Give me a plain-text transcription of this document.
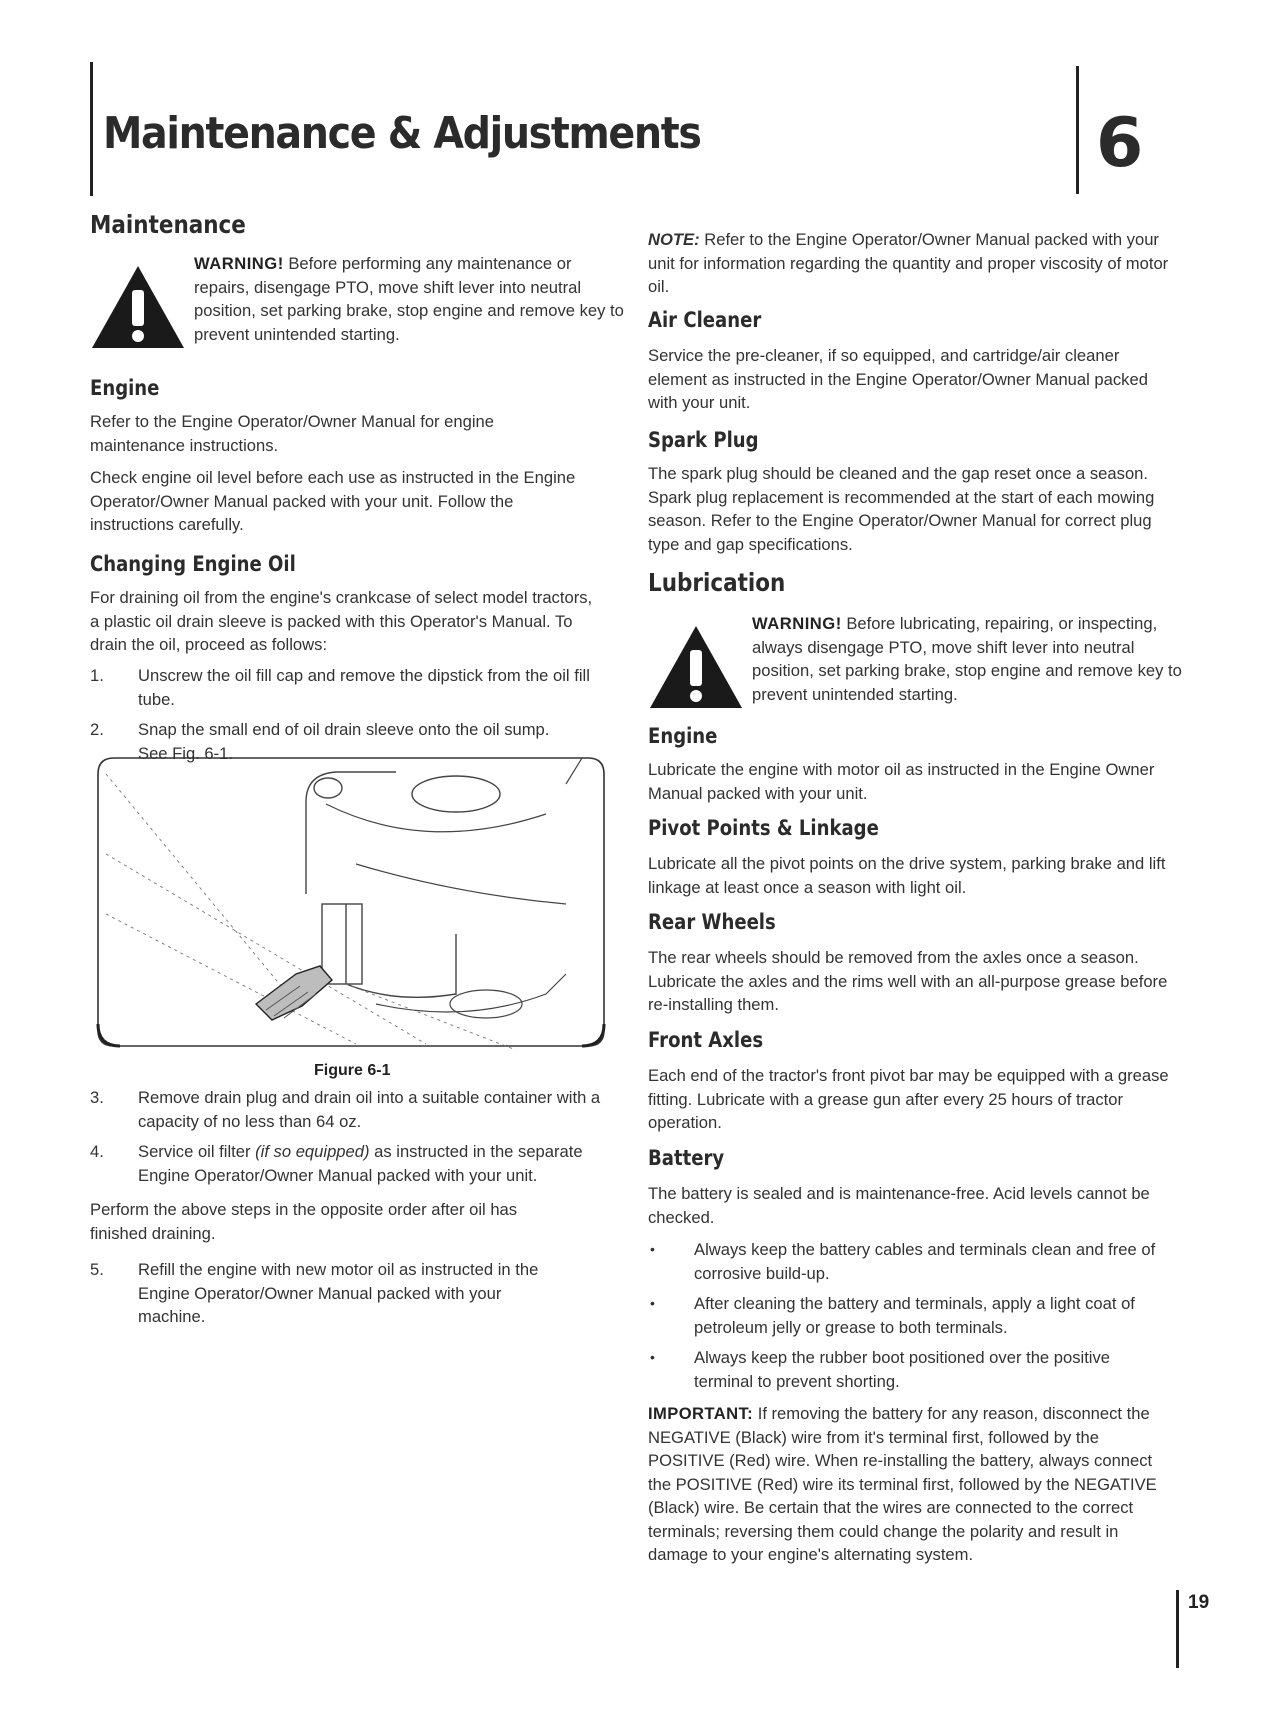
Maintenance & Adjustments	6
Maintenance

WARNING! Before performing any maintenance or repairs, disengage PTO, move shift lever into neutral position, set parking brake, stop engine and remove key to prevent unintended starting.

Engine

Refer to the Engine Operator/Owner Manual for engine maintenance instructions.

Check engine oil level before each use as instructed in the Engine Operator/Owner Manual packed with your unit. Follow the instructions carefully.

Changing Engine Oil

For draining oil from the engine's crankcase of select model tractors, a plastic oil drain sleeve is packed with this Operator's Manual. To drain the oil, proceed as follows:

1. Unscrew the oil fill cap and remove the dipstick from the oil fill tube.

2. Snap the small end of oil drain sleeve onto the oil sump. See Fig. 6-1.

3. Remove drain plug and drain oil into a suitable container with a capacity of no less than 64 oz.

4. Service oil filter (if so equipped) as instructed in the separate Engine Operator/Owner Manual packed with your unit.

Perform the above steps in the opposite order after oil has finished draining.

5. Refill the engine with new motor oil as instructed in the Engine Operator/Owner Manual packed with your machine.

Figure 6-1

NOTE: Refer to the Engine Operator/Owner Manual packed with your unit for information regarding the quantity and proper viscosity of motor oil.

Air Cleaner

Service the pre-cleaner, if so equipped, and cartridge/air cleaner element as instructed in the Engine Operator/Owner Manual packed with your unit.

Spark Plug

The spark plug should be cleaned and the gap reset once a season. Spark plug replacement is recommended at the start of each mowing season. Refer to the Engine Operator/Owner Manual for correct plug type and gap specifications.

Lubrication

WARNING! Before lubricating, repairing, or inspecting, always disengage PTO, move shift lever into neutral position, set parking brake, stop engine and remove key to prevent unintended starting.

Engine

Lubricate the engine with motor oil as instructed in the Engine Owner Manual packed with your unit.

Pivot Points & Linkage

Lubricate all the pivot points on the drive system, parking brake and lift linkage at least once a season with light oil.

Rear Wheels

The rear wheels should be removed from the axles once a season. Lubricate the axles and the rims well with an all-purpose grease before re-installing them.

Front Axles

Each end of the tractor's front pivot bar may be equipped with a grease fitting. Lubricate with a grease gun after every 25 hours of tractor operation.

Battery

The battery is sealed and is maintenance-free. Acid levels cannot be checked.

• Always keep the battery cables and terminals clean and free of corrosive build-up.

• After cleaning the battery and terminals, apply a light coat of petroleum jelly or grease to both terminals.

• Always keep the rubber boot positioned over the positive terminal to prevent shorting.

IMPORTANT: If removing the battery for any reason, disconnect the NEGATIVE (Black) wire from it's terminal first, followed by the POSITIVE (Red) wire. When re-installing the battery, always connect the POSITIVE (Red) wire its terminal first, followed by the NEGATIVE (Black) wire. Be certain that the wires are connected to the correct terminals; reversing them could change the polarity and result in damage to your engine's alternating system.

19
